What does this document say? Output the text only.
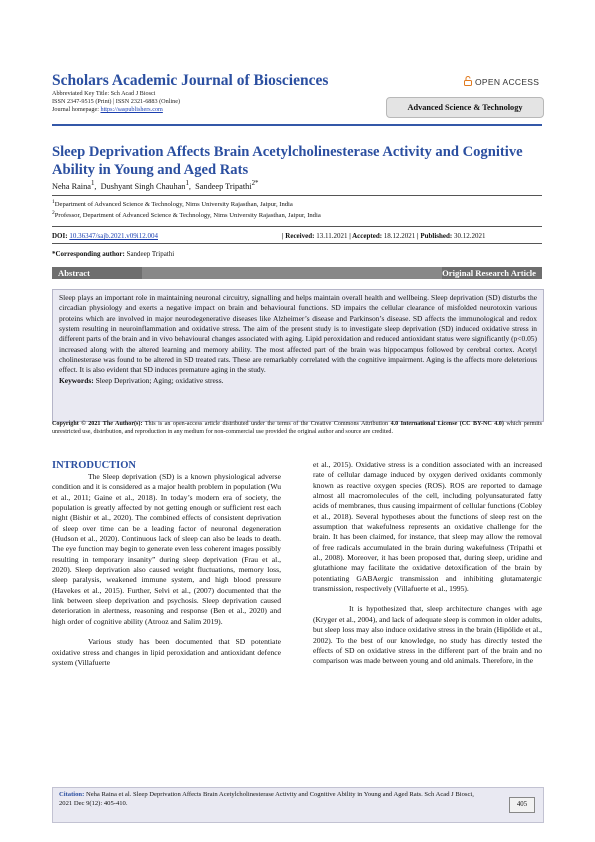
Scholars Academic Journal of Biosciences
Abbreviated Key Title: Sch Acad J Biosci
ISSN 2347-9515 (Print) | ISSN 2321-6883 (Online)
Journal homepage: https://saspublishers.com
OPEN ACCESS
Advanced Science & Technology
Sleep Deprivation Affects Brain Acetylcholinesterase Activity and Cognitive Ability in Young and Aged Rats
Neha Raina$^1$,  Dushyant Singh Chauhan$^1$,  Sandeep Tripathi$^{2*}$
$^1$Department of Advanced Science & Technology, Nims University Rajasthan, Jaipur, India
$^2$Professor, Department of Advanced Science & Technology, Nims University Rajasthan, Jaipur, India
DOI: 10.36347/sajb.2021.v09i12.004	| Received: 13.11.2021 | Accepted: 18.12.2021 | Published: 30.12.2021
*Corresponding author: Sandeep Tripathi
Abstract	Original Research Article
Sleep plays an important role in maintaining neuronal circuitry, signalling and helps maintain overall health and wellbeing. Sleep deprivation (SD) disturbs the circadian physiology and exerts a negative impact on brain and behavioural functions. SD impairs the cellular clearance of misfolded neurotoxin various proteins which are involved in major neurodegenerative diseases like Alzheimer’s disease and Parkinson’s disease. SD affects the immunological and redox system resulting in neuroinflammation and oxidative stress. The aim of the present study is to investigate sleep deprivation (SD) induced oxidative stress in different parts of the brain and in vivo behavioural changes associated with aging. Lipid peroxidation and reduced antioxidant status were significantly (p<0.05) increased along with the altered learning and memory ability. The most affected part of the brain was hippocampus followed by cerebral cortex. Acetyl cholinesterase was found to be altered in SD treated rats. These are remarkably correlated with the cognitive impairment. Aging is the affects more deleterious effect. It is also evident that SD induces premature aging in the study.
Keywords: Sleep Deprivation; Aging; oxidative stress.
Copyright © 2021 The Author(s): This is an open-access article distributed under the terms of the Creative Commons Attribution 4.0 International License (CC BY-NC 4.0) which permits unrestricted use, distribution, and reproduction in any medium for non-commercial use provided the original author and source are credited.
INTRODUCTION

The Sleep deprivation (SD) is a known physiological adverse condition and it is considered as a major health problem in population (Wu et al., 2011; Gaine et al., 2018). In today’s modern era of society, the population is greatly affected by not getting enough or sufficient rest each night (Bishir et al., 2020). The combined effects of consistent deprivation of sleep over time can be a leading factor of neuronal degeneration (Hudson et al., 2020). Continuous lack of sleep can also be leads to death. The eye function may begin to generate even less coherent images possibly resulting in temporary insanity” during sleep deprivation (Frau et al., 2020). Sleep deprivation also caused weight fluctuations, memory loss, sleep paralysis, weakened immune system, and high blood pressure (Havekes et al., 2015). Further, Selvi et al., (2007) documented that the link between sleep deprivation and psychosis. Sleep deprivation caused deterioration in alertness, reasoning and response (Ben et al., 2020) and high order of cognitive ability (Atrooz and Salim 2019).

Various study has been documented that SD potentiate oxidative stress and changes in lipid peroxidation and antioxidant defence system (Villafuerte

et al., 2015). Oxidative stress is a condition associated with an increased rate of cellular damage induced by oxygen derived oxidants commonly known as reactive oxygen species (ROS). ROS are reported to damage almost all macromolecules of the cell, including polyunsaturated fatty acids of membranes, thus causing impairment of cellular functions (Cobley et al., 2018). Several hypotheses about the functions of sleep rest on the assumption that wakefulness represents an oxidative challenge for the brain. It has been claimed, for instance, that sleep may allow the removal of free radicals accumulated in the brain during wakefulness (Tripathi et al., 2008). Moreover, it has been proposed that, during sleep, uridine and glutathione may facilitate the oxidative detoxification of the brain by potentiating GABAergic transmission and inhibiting glutamatergic transmission, respectively (Villafuerte et al., 1995).

It is hypothesized that, sleep architecture changes with age (Kryger et al., 2004), and lack of adequate sleep is common in older adults, but sleep loss may also induce oxidative stress in the brain (Hipólide et al., 2002). To the best of our knowledge, no study has directly tested the effects of SD on oxidative stress in the different part of the brain and no comparison was made between young and old animals. Therefore, in the

Citation: Neha Raina et al. Sleep Deprivation Affects Brain Acetylcholinesterase Activity and Cognitive Ability in Young and Aged Rats. Sch Acad J Biosci, 2021 Dec 9(12): 405-410.	405
